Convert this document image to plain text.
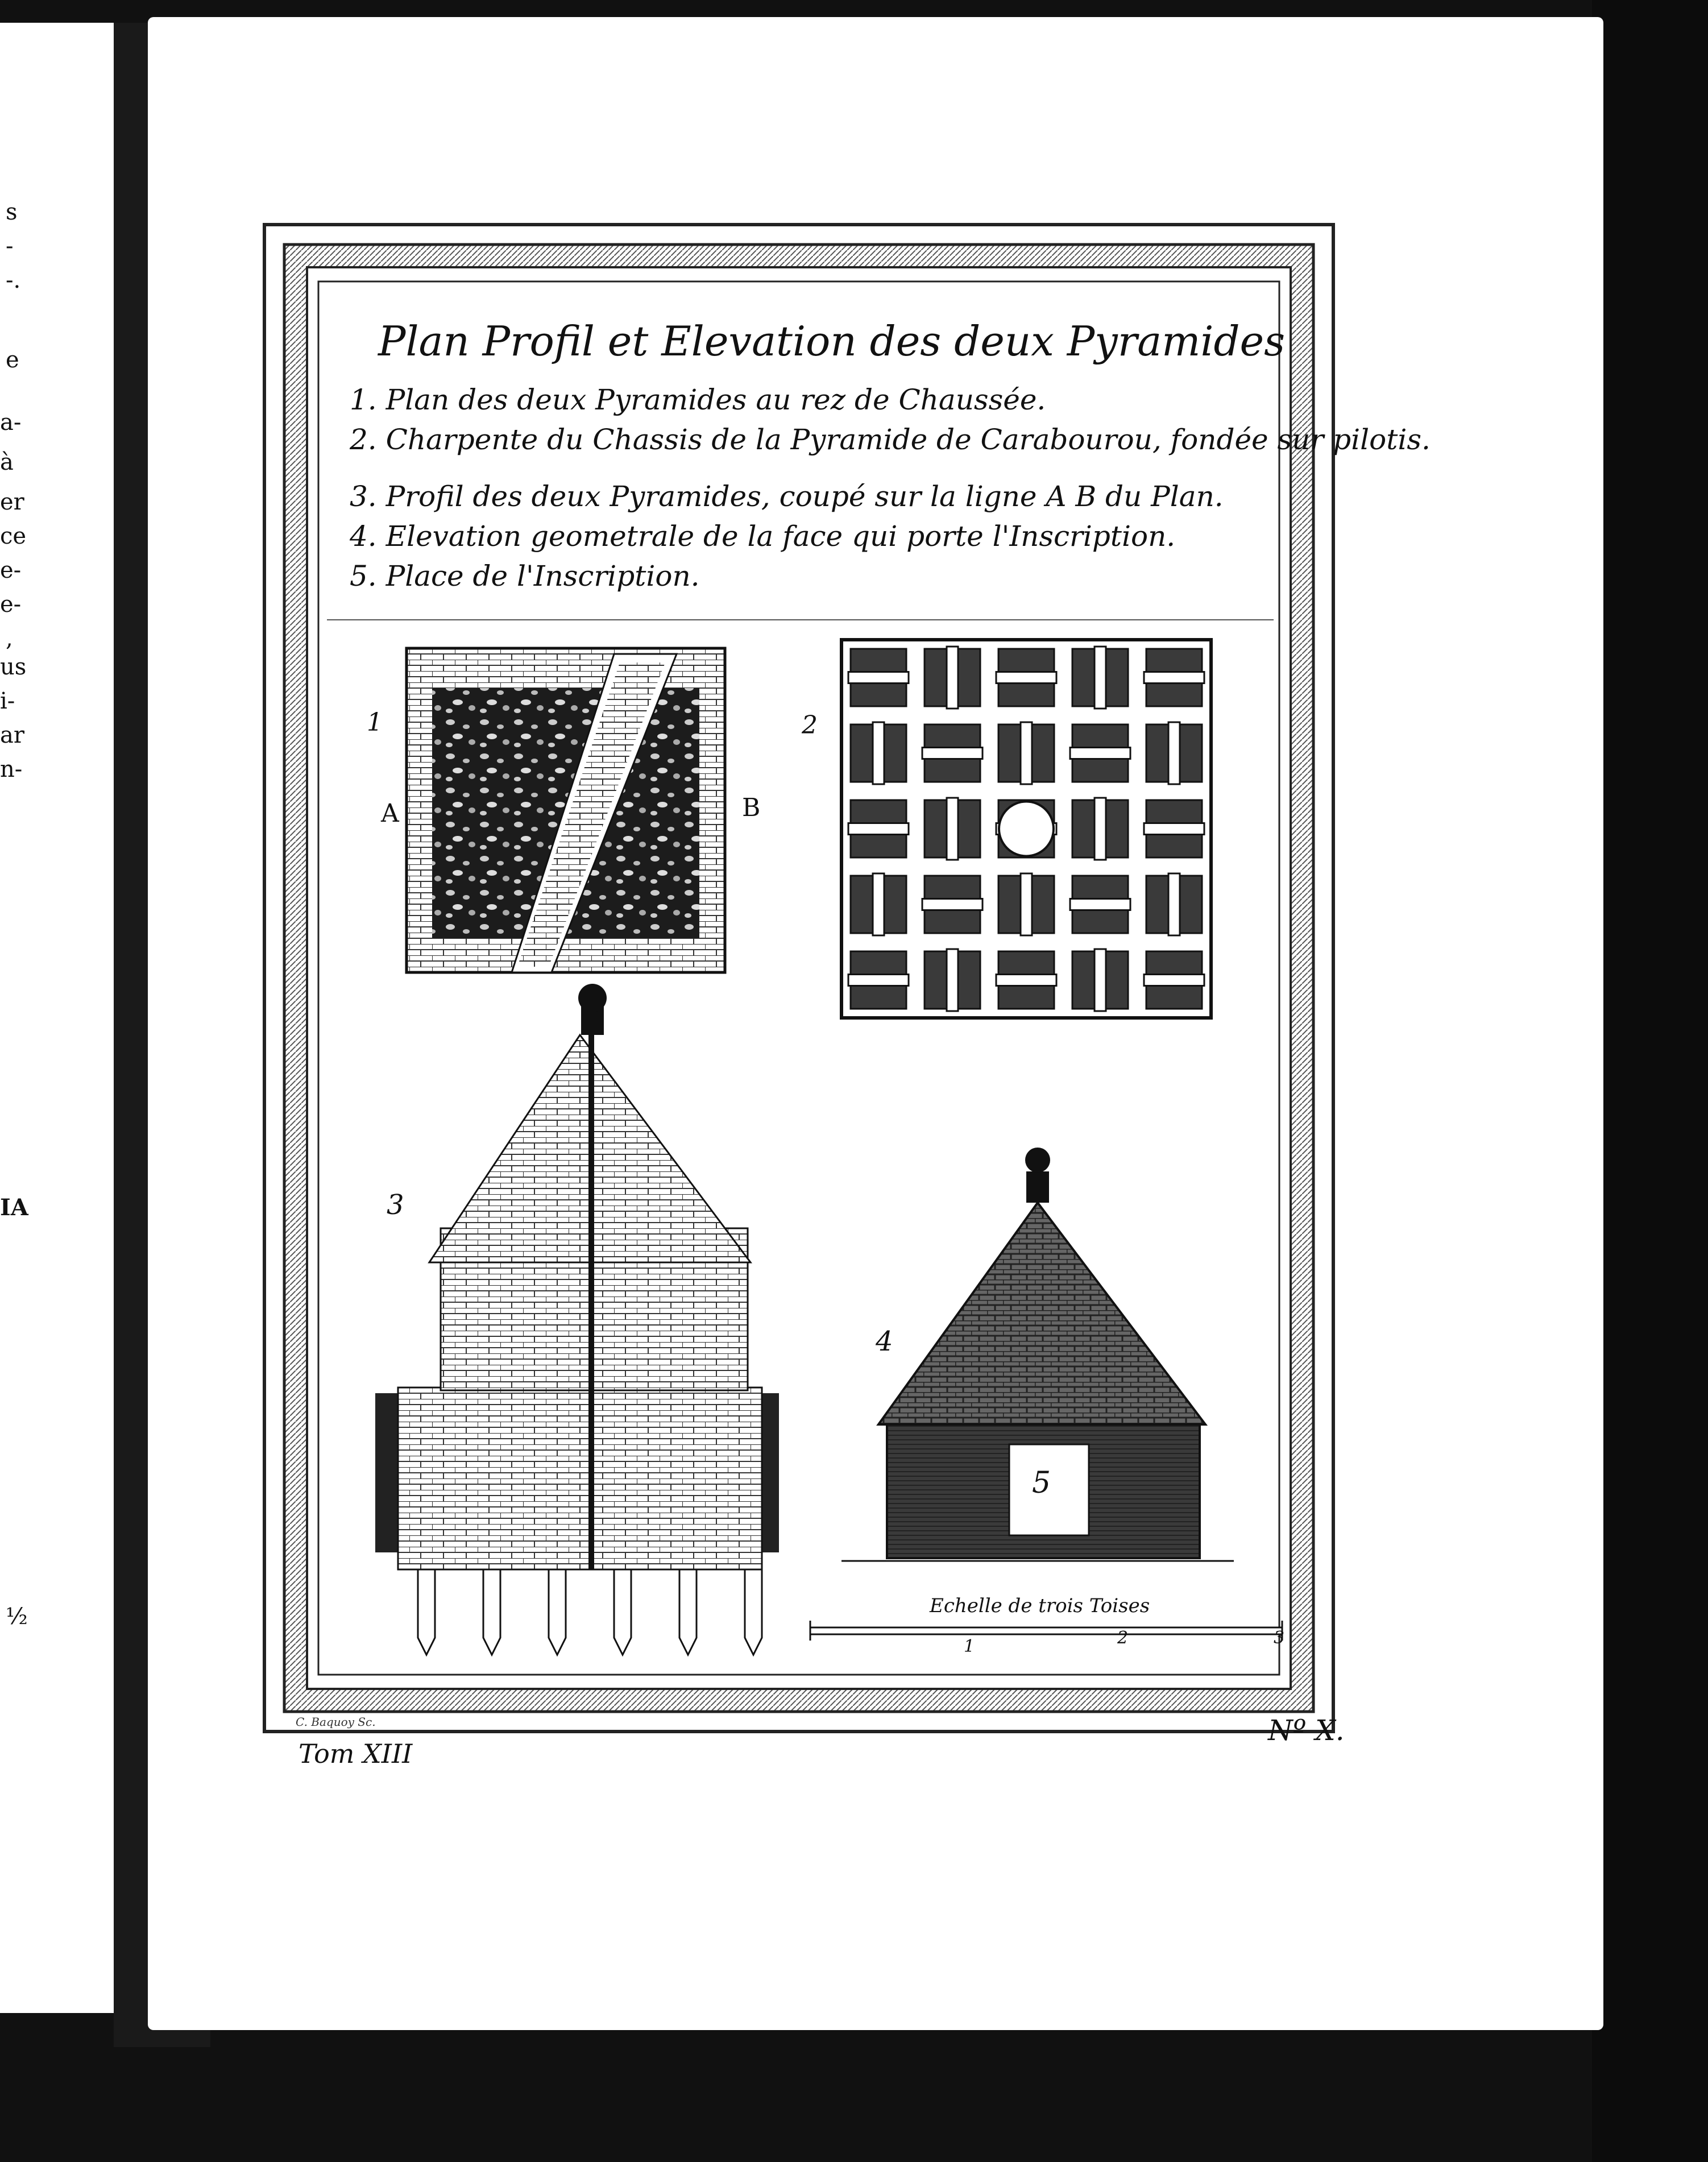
s
-
-.
e
a-
à
er
ce
e-
e-
,
us
i-
ar
n-
IA
½
Plan Profil et Elevation des deux Pyramides
1. Plan des deux Pyramides au rez de Chaussée.
2. Charpente du Chassis de la Pyramide de Carabourou, fondée sur pilotis.
3. Profil des deux Pyramides, coupé sur la ligne A B du Plan.
4. Elevation geometrale de la face qui porte l'Inscription.
5. Place de l'Inscription.
1
A	B
2
3
4
5
Echelle de trois Toises
1	2	3
C. Baquoy Sc.
Tom XIII
Nº X.
